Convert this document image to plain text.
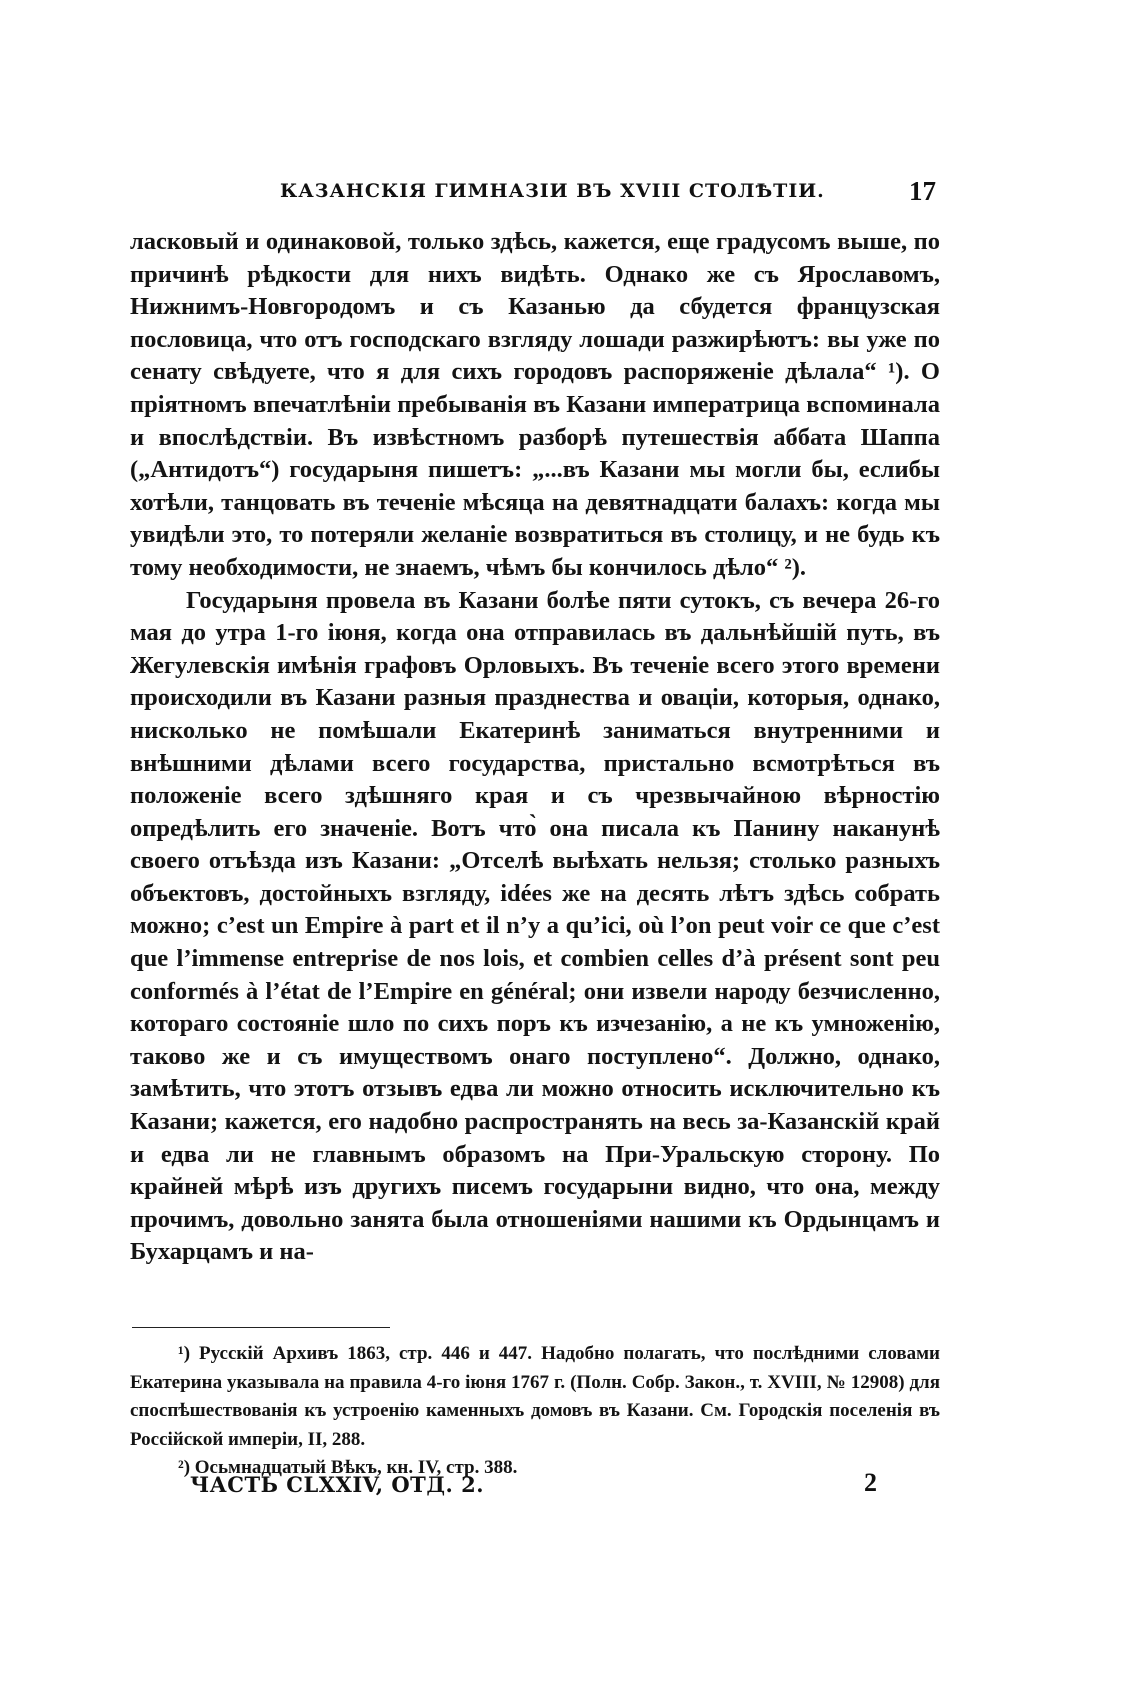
КАЗАНСКІЯ ГИМНАЗІИ ВЪ XVIII СТОЛѢТІИ.	17

ласковый и одинаковой, только здѣсь, кажется, еще градусомъ выше, по причинѣ рѣдкости для нихъ видѣть. Однако же съ Ярославомъ, Нижнимъ-Новгородомъ и съ Казанью да сбудется французская пословица, что отъ господскаго взгляду лошади разжирѣютъ: вы уже по сенату свѣдуете, что я для сихъ городовъ распоряженіе дѣлала“ ¹). О пріятномъ впечатлѣніи пребыванія въ Казани императрица вспоминала и впослѣдствіи. Въ извѣстномъ разборѣ путешествія аббата Шаппа („Антидотъ“) государыня пишетъ: „...въ Казани мы могли бы, еслибы хотѣли, танцовать въ теченіе мѣсяца на девятнадцати балахъ: когда мы увидѣли это, то потеряли желаніе возвратиться въ столицу, и не будь къ тому необходимости, не знаемъ, чѣмъ бы кончилось дѣло“ ²).

Государыня провела въ Казани болѣе пяти сутокъ, съ вечера 26-го мая до утра 1-го іюня, когда она отправилась въ дальнѣйшій путь, въ Жегулевскія имѣнія графовъ Орловыхъ. Въ теченіе всего этого времени происходили въ Казани разныя празднества и оваціи, которыя, однако, нисколько не помѣшали Екатеринѣ заниматься внутренними и внѣшними дѣлами всего государства, пристально всмотрѣться въ положеніе всего здѣшняго края и съ чрезвычайною вѣрностію опредѣлить его значеніе. Вотъ что̀ она писала къ Панину наканунѣ своего отъѣзда изъ Казани: „Отселѣ выѣхать нельзя; столько разныхъ объектовъ, достойныхъ взгляду, idées же на десять лѣтъ здѣсь собрать можно; c’est un Empire à part et il n’y a qu’ici, où l’on peut voir ce que c’est que l’immense entreprise de nos lois, et combien celles d’à présent sont peu conformés à l’état de l’Empire en général; они извели народу безчисленно, котораго состояніе шло по сихъ поръ къ изчезанію, а не къ умноженію, таково же и съ имуществомъ онаго поступлено“. Должно, однако, замѣтить, что этотъ отзывъ едва ли можно относить исключительно къ Казани; кажется, его надобно распространять на весь за-Казанскій край и едва ли не главнымъ образомъ на При-Уральскую сторону. По крайней мѣрѣ изъ другихъ писемъ государыни видно, что она, между прочимъ, довольно занята была отношеніями нашими къ Ордынцамъ и Бухарцамъ и на-

¹) Русскій Архивъ 1863, стр. 446 и 447. Надобно полагать, что послѣдними словами Екатерина указывала на правила 4-го іюня 1767 г. (Полн. Собр. Закон., т. XVIII, № 12908) для споспѣшествованія къ устроенію каменныхъ домовъ въ Казани. См. Городскія поселенія въ Россійской имперіи, II, 288.

²) Осьмнадцатый Вѣкъ, кн. IV, стр. 388.

ЧАСТЬ CLXXIV, ОТД. 2.	2
